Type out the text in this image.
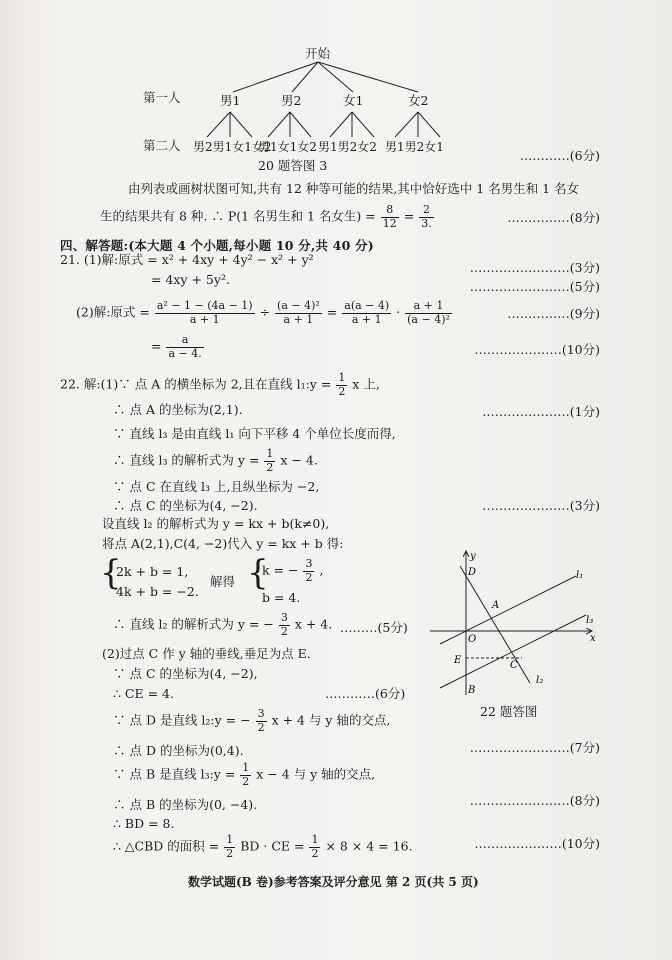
开始
第一人	男1	男2	女1	女2
第二人 男2男1女1女2
男1女1女2 男1男2女2 男1男2女1
…………(6分)
20 题答图 3
由列表或画树状图可知,共有 12 种等可能的结果,其中恰好选中 1 名男生和 1 名女
生的结果共有 8 种. ∴ P(1 名男生和 1 名女生) = $\frac{8}{12} = \frac{2}{3.}$	……………(8分)
四、解答题:(本大题 4 个小题,每小题 10 分,共 40 分)
21. (1)解:原式 = x² + 4xy + 4y² − x² + y²
= 4xy + 5y².
……………………(3分)
……………………(5分)
(2)解:原式 = $\frac{\text{a² − 1 − (4a − 1)}}{a + 1} \div \frac{\text{(a − 4)²}}{a + 1} = \frac{a(a - 4)}{a + 1} \cdot \frac{a + 1}{\text{(a − 4)²}}$	……………(9分)
= $\frac{a}{a - 4.}$	…………………(10分)
22. 解:(1)∵ 点 A 的横坐标为 2,且在直线 l₁:y = $\frac{1}{2}$ x 上,
∴ 点 A 的坐标为(2,1).	…………………(1分)
∵ 直线 l₃ 是由直线 l₁ 向下平移 4 个单位长度而得,
∴ 直线 l₃ 的解析式为 $y = \frac{1}{2}$ x − 4.
∵ 点 C 在直线 l₃ 上,且纵坐标为 −2,
∴ 点 C 的坐标为(4, −2).	…………………(3分)
设直线 l₂ 的解析式为 y = kx + b(k≠0),
将点 A(2,1),C(4, −2)代入 y = kx + b 得:
{
2k + b = 1,
4k + b = −2.
解得 {
k = − $\frac{3}{2}$ ,
b = 4.
∴ 直线 l₂ 的解析式为 y = − $\frac{3}{2}$ x + 4. ………(5分)
(2)过点 C 作 y 轴的垂线,垂足为点 E.
∵ 点 C 的坐标为(4, −2),
∴ CE = 4.	…………(6分)
∵ 点 D 是直线 l₂:y = − $\frac{3}{2}$ x + 4 与 y 轴的交点,
∴ 点 D 的坐标为(0,4).	……………………(7分)
∵ 点 B 是直线 l₃:y = $\frac{1}{2}$ x − 4 与 y 轴的交点,
∴ 点 B 的坐标为(0, −4).	……………………(8分)
∴ BD = 8.
∴ △CBD 的面积 = $\frac{1}{2}$ BD · CE = $\frac{1}{2} \times 8 \times 4 = 16$.	…………………(10分)
y
x
O
D
A
E	C
B
l₁
l₃
l₂
22 题答图
数学试题(B 卷)参考答案及评分意见 第 2 页(共 5 页)
